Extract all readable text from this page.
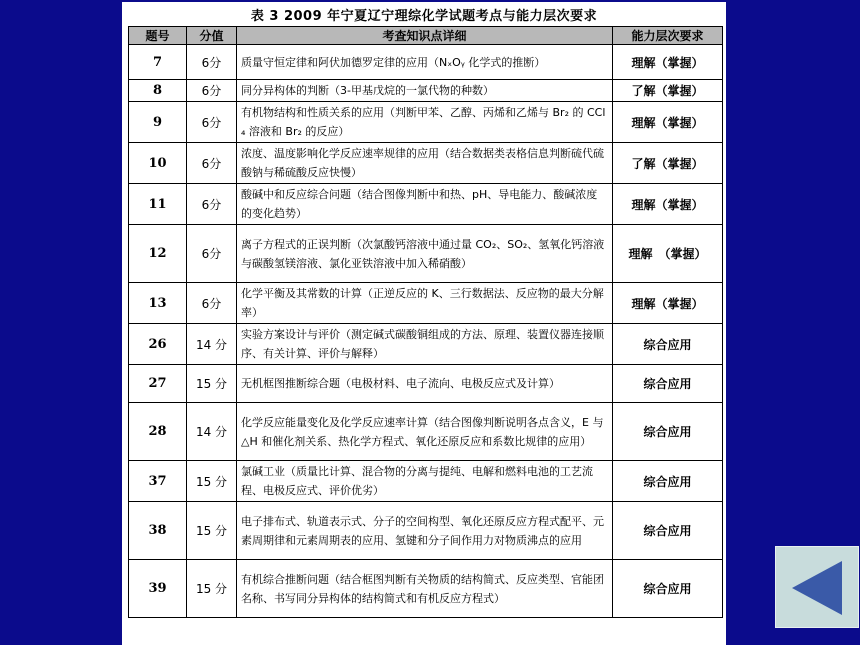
表 3 2009 年宁夏辽宁理综化学试题考点与能力层次要求
题号	分值	考查知识点详细	能力层次要求
7	6分	质量守恒定律和阿伏加德罗定律的应用（NₓOᵧ 化学式的推断）	理解（掌握）
8	6分	同分异构体的判断（3-甲基戊烷的一氯代物的种数）	了解（掌握）
9	6分	有机物结构和性质关系的应用（判断甲苯、乙醇、丙烯和乙烯与 Br₂ 的 CCl₄ 溶液和 Br₂ 的反应）	理解（掌握）
10	6分	浓度、温度影响化学反应速率规律的应用（结合数据类表格信息判断硫代硫酸钠与稀硫酸反应快慢）	了解（掌握）
11	6分	酸碱中和反应综合问题（结合图像判断中和热、pH、导电能力、酸碱浓度的变化趋势）	理解（掌握）
12	6分	离子方程式的正误判断（次氯酸钙溶液中通过量 CO₂、SO₂、氢氧化钙溶液与碳酸氢镁溶液、氯化亚铁溶液中加入稀硝酸）	理解　（掌握）
13	6分	化学平衡及其常数的计算（正逆反应的 K、三行数据法、反应物的最大分解率）	理解（掌握）
26	14 分	实验方案设计与评价（测定碱式碳酸铜组成的方法、原理、装置仪器连接顺序、有关计算、评价与解释）	综合应用
27	15 分	无机框图推断综合题（电极材料、电子流向、电极反应式及计算）	综合应用
28	14 分	化学反应能量变化及化学反应速率计算（结合图像判断说明各点含义，E 与△H 和催化剂关系、热化学方程式、氧化还原反应和系数比规律的应用）	综合应用
37	15 分	氯碱工业（质量比计算、混合物的分离与提纯、电解和燃料电池的工艺流程、电极反应式、评价优劣）	综合应用
38	15 分	电子排布式、轨道表示式、分子的空间构型、氧化还原反应方程式配平、元素周期律和元素周期表的应用、氢键和分子间作用力对物质沸点的应用	综合应用
39	15 分	有机综合推断问题（结合框图判断有关物质的结构简式、反应类型、官能团名称、书写同分异构体的结构简式和有机反应方程式）	综合应用
